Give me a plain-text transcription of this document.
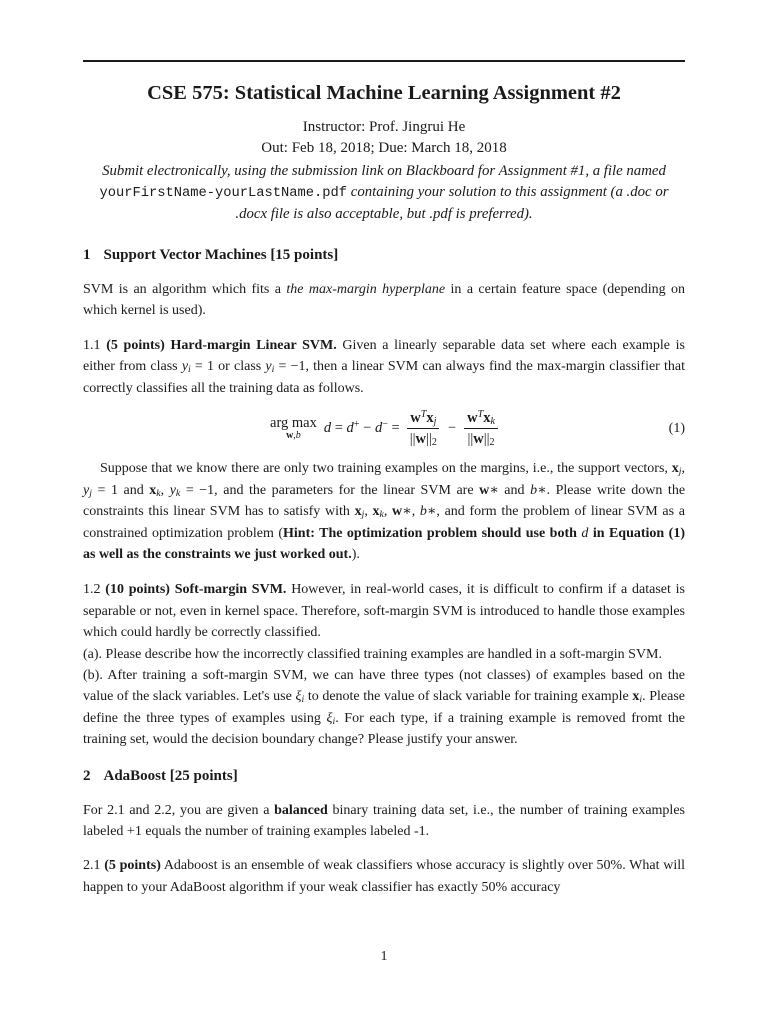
CSE 575: Statistical Machine Learning Assignment #2
Instructor: Prof. Jingrui He
Out: Feb 18, 2018; Due: March 18, 2018
Submit electronically, using the submission link on Blackboard for Assignment #1, a file named yourFirstName-yourLastName.pdf containing your solution to this assignment (a .doc or .docx file is also acceptable, but .pdf is preferred).
1 Support Vector Machines [15 points]

SVM is an algorithm which fits a the max-margin hyperplane in a certain feature space (depending on which kernel is used).

1.1 (5 points) Hard-margin Linear SVM. Given a linearly separable data set where each example is either from class yi = 1 or class yi = −1, then a linear SVM can always find the max-margin classifier that correctly classifies all the training data as follows.

arg max
w,b $d = d^+ - d^- = \frac{w^Txj}{||w||2} - \frac{w^Txk}{||w||2}$	(1)

Suppose that we know there are only two training examples on the margins, i.e., the support vectors, xj, yj = 1 and xk, yk = −1, and the parameters for the linear SVM are w∗ and b∗. Please write down the constraints this linear SVM has to satisfy with xj, xk, w∗, b∗, and form the problem of linear SVM as a constrained optimization problem (Hint: The optimization problem should use both d in Equation (1) as well as the constraints we just worked out.).

1.2 (10 points) Soft-margin SVM. However, in real-world cases, it is difficult to confirm if a dataset is separable or not, even in kernel space. Therefore, soft-margin SVM is introduced to handle those examples which could hardly be correctly classified.

(a). Please describe how the incorrectly classified training examples are handled in a soft-margin SVM.

(b). After training a soft-margin SVM, we can have three types (not classes) of examples based on the value of the slack variables. Let's use ξi to denote the value of slack variable for training example xi. Please define the three types of examples using ξi. For each type, if a training example is removed fromt the training set, would the decision boundary change? Please justify your answer.

2 AdaBoost [25 points]

For 2.1 and 2.2, you are given a balanced binary training data set, i.e., the number of training examples labeled +1 equals the number of training examples labeled -1.

2.1 (5 points) Adaboost is an ensemble of weak classifiers whose accuracy is slightly over 50%. What will happen to your AdaBoost algorithm if your weak classifier has exactly 50% accuracy

1
